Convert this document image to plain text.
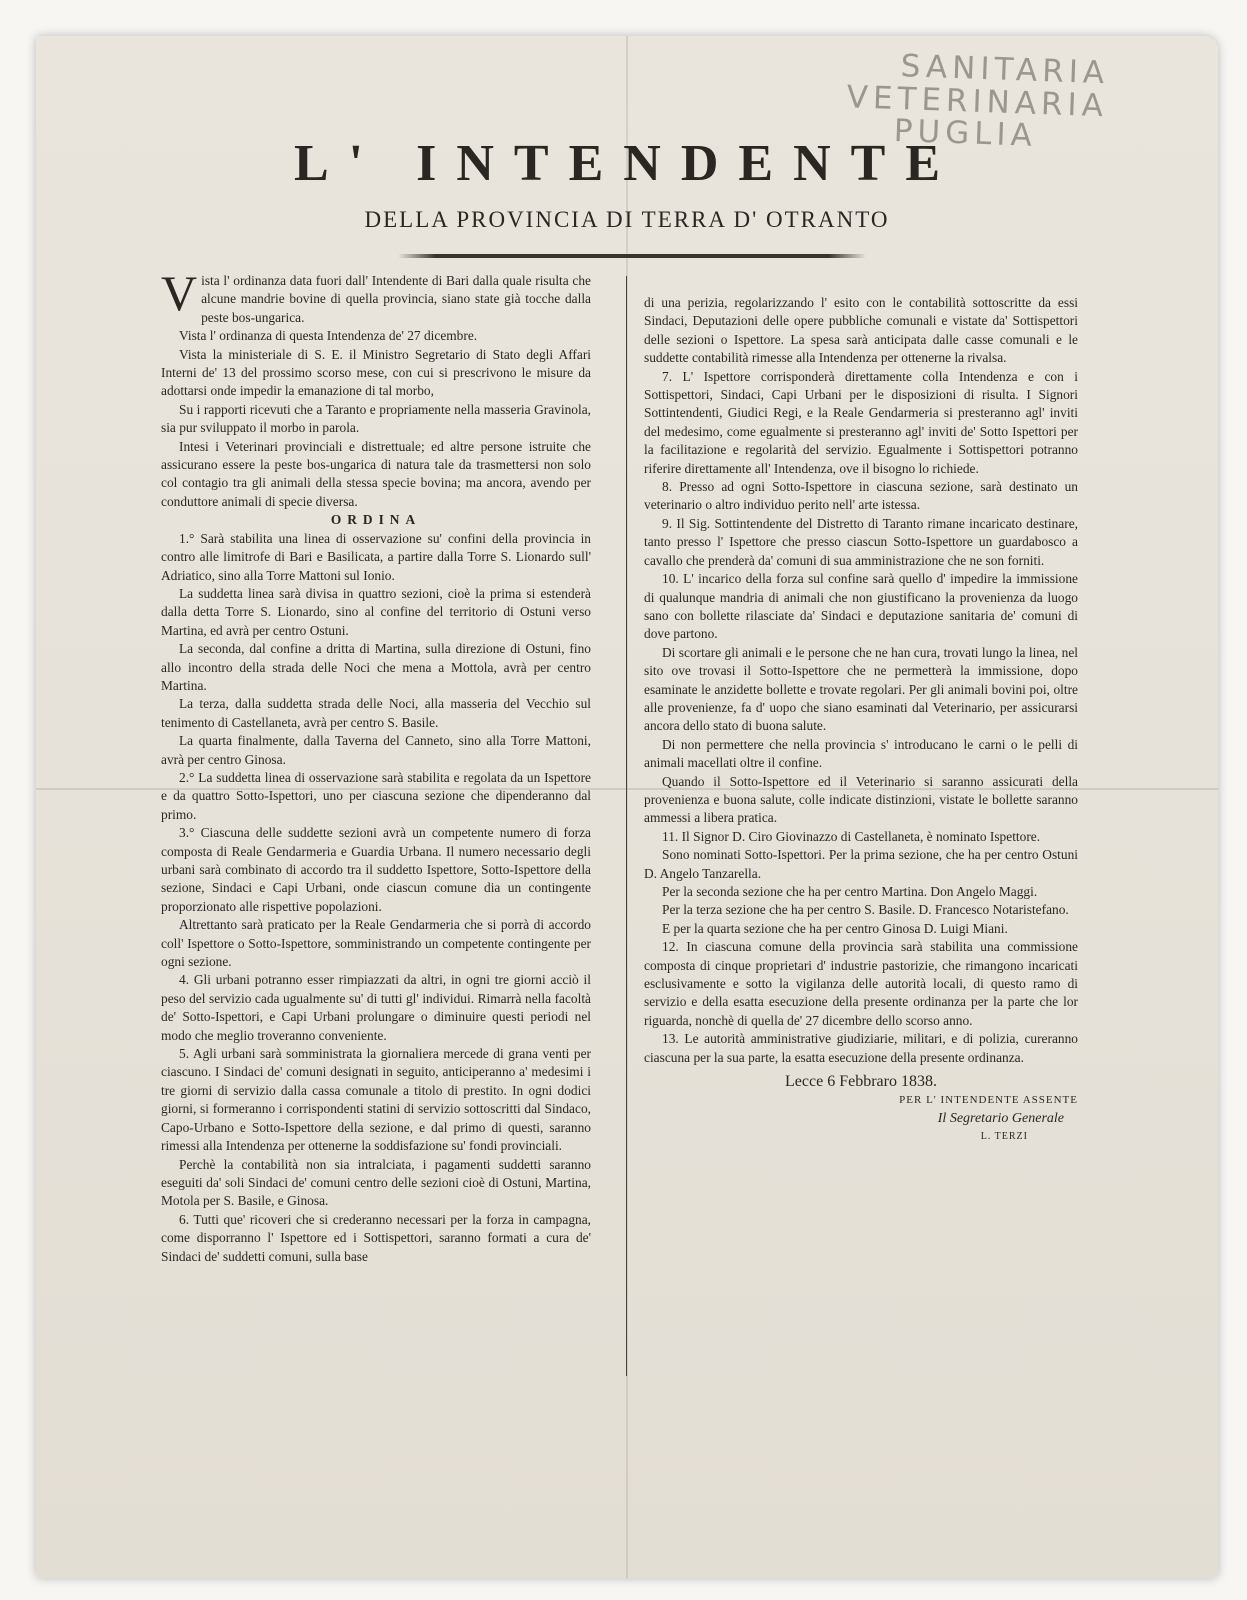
SANITARIA VETERINARIA
PUGLIA
L' INTENDENTE
DELLA PROVINCIA DI TERRA D' OTRANTO

Vista l' ordinanza data fuori dall' Intendente di Bari dalla quale risulta che alcune mandrie bovine di quella provincia, siano state già tocche dalla peste bos-ungarica.

Vista l' ordinanza di questa Intendenza de' 27 dicembre.

Vista la ministeriale di S. E. il Ministro Segretario di Stato degli Affari Interni de' 13 del prossimo scorso mese, con cui si prescrivono le misure da adottarsi onde impedir la emanazione di tal morbo,

Su i rapporti ricevuti che a Taranto e propriamente nella masseria Gravinola, sia pur sviluppato il morbo in parola.

Intesi i Veterinari provinciali e distrettuale; ed altre persone istruite che assicurano essere la peste bos-ungarica di natura tale da trasmettersi non solo col contagio tra gli animali della stessa specie bovina; ma ancora, avendo per conduttore animali di specie diversa.

ORDINA

1.° Sarà stabilita una linea di osservazione su' confini della provincia in contro alle limitrofe di Bari e Basilicata, a partire dalla Torre S. Lionardo sull' Adriatico, sino alla Torre Mattoni sul Ionio.

La suddetta linea sarà divisa in quattro sezioni, cioè la prima si estenderà dalla detta Torre S. Lionardo, sino al confine del territorio di Ostuni verso Martina, ed avrà per centro Ostuni.

La seconda, dal confine a dritta di Martina, sulla direzione di Ostuni, fino allo incontro della strada delle Noci che mena a Mottola, avrà per centro Martina.

La terza, dalla suddetta strada delle Noci, alla masseria del Vecchio sul tenimento di Castellaneta, avrà per centro S. Basile.

La quarta finalmente, dalla Taverna del Canneto, sino alla Torre Mattoni, avrà per centro Ginosa.

2.° La suddetta linea di osservazione sarà stabilita e regolata da un Ispettore e da quattro Sotto-Ispettori, uno per ciascuna sezione che dipenderanno dal primo.

3.° Ciascuna delle suddette sezioni avrà un competente numero di forza composta di Reale Gendarmeria e Guardia Urbana. Il numero necessario degli urbani sarà combinato di accordo tra il suddetto Ispettore, Sotto-Ispettore della sezione, Sindaci e Capi Urbani, onde ciascun comune dia un contingente proporzionato alle rispettive popolazioni.

Altrettanto sarà praticato per la Reale Gendarmeria che si porrà di accordo coll' Ispettore o Sotto-Ispettore, somministrando un competente contingente per ogni sezione.

4. Gli urbani potranno esser rimpiazzati da altri, in ogni tre giorni acciò il peso del servizio cada ugualmente su' di tutti gl' individui. Rimarrà nella facoltà de' Sotto-Ispettori, e Capi Urbani prolungare o diminuire questi periodi nel modo che meglio troveranno conveniente.

5. Agli urbani sarà somministrata la giornaliera mercede di grana venti per ciascuno. I Sindaci de' comuni designati in seguito, anticiperanno a' medesimi i tre giorni di servizio dalla cassa comunale a titolo di prestito. In ogni dodici giorni, si formeranno i corrispondenti statini di servizio sottoscritti dal Sindaco, Capo-Urbano e Sotto-Ispettore della sezione, e dal primo di questi, saranno rimessi alla Intendenza per ottenerne la soddisfazione su' fondi provinciali.

Perchè la contabilità non sia intralciata, i pagamenti suddetti saranno eseguiti da' soli Sindaci de' comuni centro delle sezioni cioè di Ostuni, Martina, Motola per S. Basile, e Ginosa.

6. Tutti que' ricoveri che si crederanno necessari per la forza in campagna, come disporranno l' Ispettore ed i Sottispettori, saranno formati a cura de' Sindaci de' suddetti comuni, sulla base

di una perizia, regolarizzando l' esito con le contabilità sottoscritte da essi Sindaci, Deputazioni delle opere pubbliche comunali e vistate da' Sottispettori delle sezioni o Ispettore. La spesa sarà anticipata dalle casse comunali e le suddette contabilità rimesse alla Intendenza per ottenerne la rivalsa.

7. L' Ispettore corrisponderà direttamente colla Intendenza e con i Sottispettori, Sindaci, Capi Urbani per le disposizioni di risulta. I Signori Sottintendenti, Giudici Regi, e la Reale Gendarmeria si presteranno agl' inviti del medesimo, come egualmente si presteranno agl' inviti de' Sotto Ispettori per la facilitazione e regolarità del servizio. Egualmente i Sottispettori potranno riferire direttamente all' Intendenza, ove il bisogno lo richiede.

8. Presso ad ogni Sotto-Ispettore in ciascuna sezione, sarà destinato un veterinario o altro individuo perito nell' arte istessa.

9. Il Sig. Sottintendente del Distretto di Taranto rimane incaricato destinare, tanto presso l' Ispettore che presso ciascun Sotto-Ispettore un guardaboscο a cavallo che prenderà da' comuni di sua amministrazione che ne son forniti.

10. L' incarico della forza sul confine sarà quello d' impedire la immissione di qualunque mandria di animali che non giustificano la provenienza da luogo sano con bollette rilasciate da' Sindaci e deputazione sanitaria de' comuni di dove partono.

Di scortare gli animali e le persone che ne han cura, trovati lungo la linea, nel sito ove trovasi il Sotto-Ispettore che ne permetterà la immissione, dopo esaminate le anzidette bollette e trovate regolari. Per gli animali bovini poi, oltre alle provenienze, fa d' uopo che siano esaminati dal Veterinario, per assicurarsi ancora dello stato di buona salute.

Di non permettere che nella provincia s' introducano le carni o le pelli di animali macellati oltre il confine.

Quando il Sotto-Ispettore ed il Veterinario si saranno assicurati della provenienza e buona salute, colle indicate distinzioni, vistate le bollette saranno ammessi a libera pratica.

11. Il Signor D. Ciro Giovinazzo di Castellaneta, è nominato Ispettore.

Sono nominati Sotto-Ispettori. Per la prima sezione, che ha per centro Ostuni D. Angelo Tanzarella.

Per la seconda sezione che ha per centro Martina. Don Angelo Maggi.

Per la terza sezione che ha per centro S. Basile. D. Francesco Notaristefano.

E per la quarta sezione che ha per centro Ginosa D. Luigi Miani.

12. In ciascuna comune della provincia sarà stabilita una commissione composta di cinque proprietari d' industrie pastorizie, che rimangono incaricati esclusivamente e sotto la vigilanza delle autorità locali, di questo ramo di servizio e della esatta esecuzione della presente ordinanza per la parte che lor riguarda, nonchè di quella de' 27 dicembre dello scorso anno.

13. Le autorità amministrative giudiziarie, militari, e di polizia, cureranno ciascuna per la sua parte, la esatta esecuzione della presente ordinanza.

Lecce 6 Febbraro 1838.

PER L' INTENDENTE ASSENTE

Il Segretario Generale

L. TERZI
